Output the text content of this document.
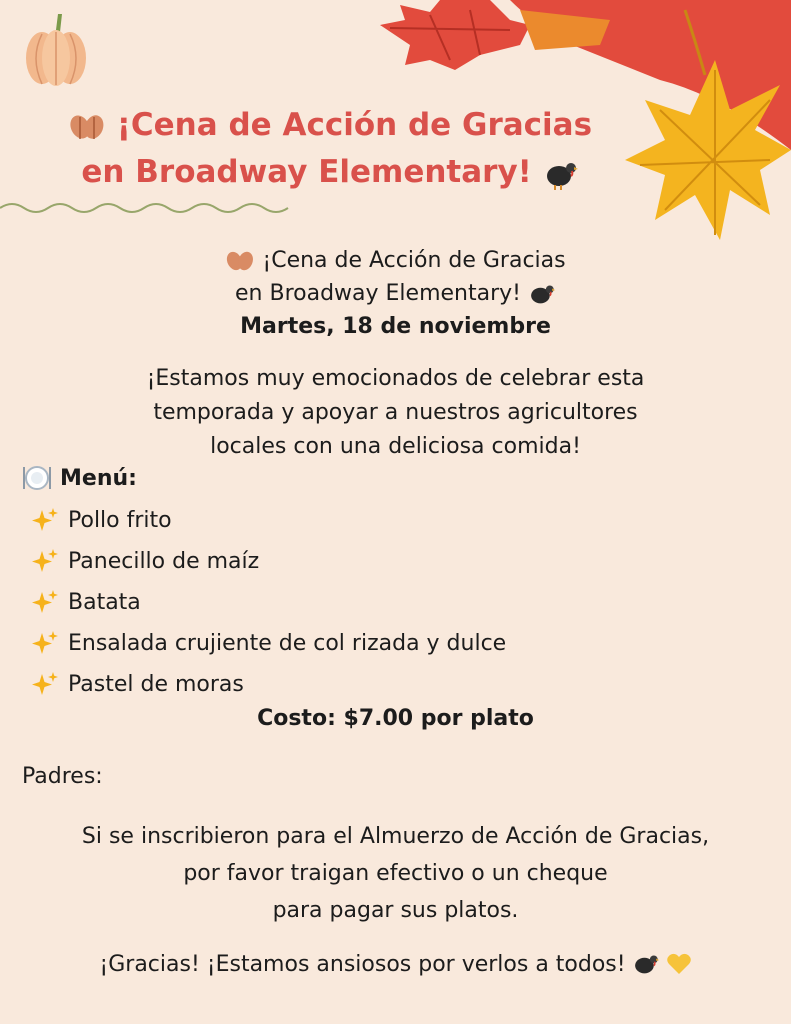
¡Cena de Acción de Gracias
en Broadway Elementary!
¡Cena de Acción de Gracias
en Broadway Elementary!
Martes, 18 de noviembre
¡Estamos muy emocionados de celebrar esta
temporada y apoyar a nuestros agricultores
locales con una deliciosa comida!
Menú:
Pollo frito
Panecillo de maíz
Batata
Ensalada crujiente de col rizada y dulce
Pastel de moras
Costo: $7.00 por plato
Padres:
Si se inscribieron para el Almuerzo de Acción de Gracias,
por favor traigan efectivo o un cheque
para pagar sus platos.
¡Gracias! ¡Estamos ansiosos por verlos a todos!
